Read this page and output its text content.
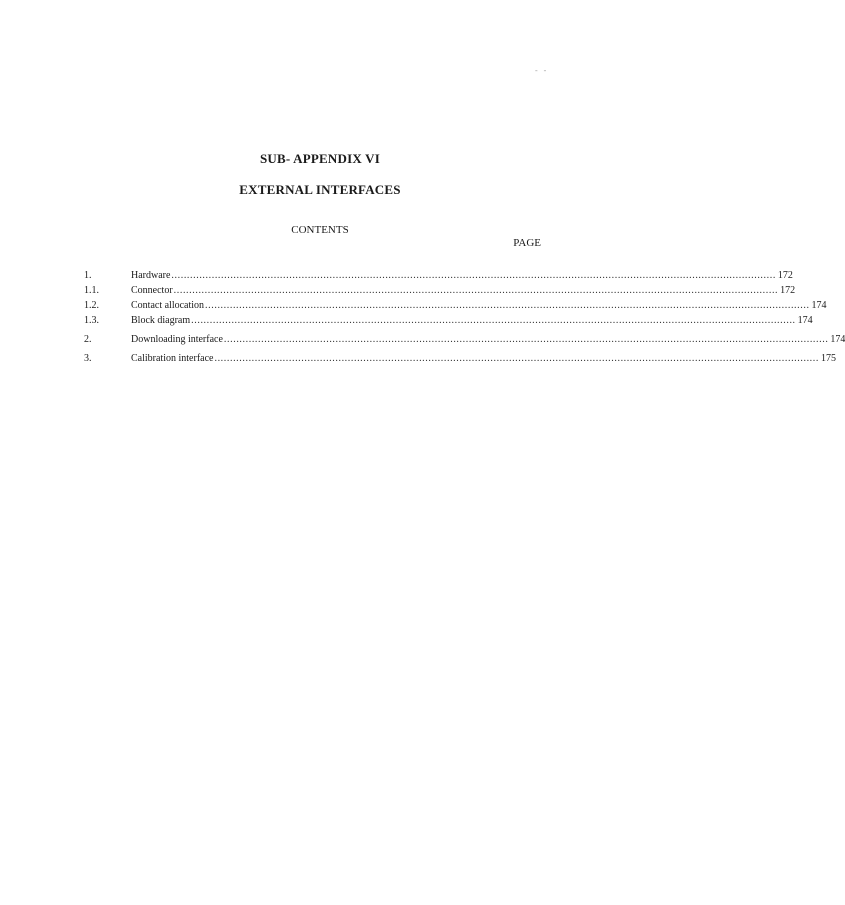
- -
SUB- APPENDIX VI
EXTERNAL INTERFACES
CONTENTS
PAGE
1.	Hardware ................................................................................................................................................................................................... 172
1.1.	Connector ................................................................................................................................................................................................... 172
1.2.	Contact allocation ................................................................................................................................................................................................... 174
1.3.	Block diagram ................................................................................................................................................................................................... 174
2.	Downloading interface ................................................................................................................................................................................................... 174
3.	Calibration interface ................................................................................................................................................................................................... 175
